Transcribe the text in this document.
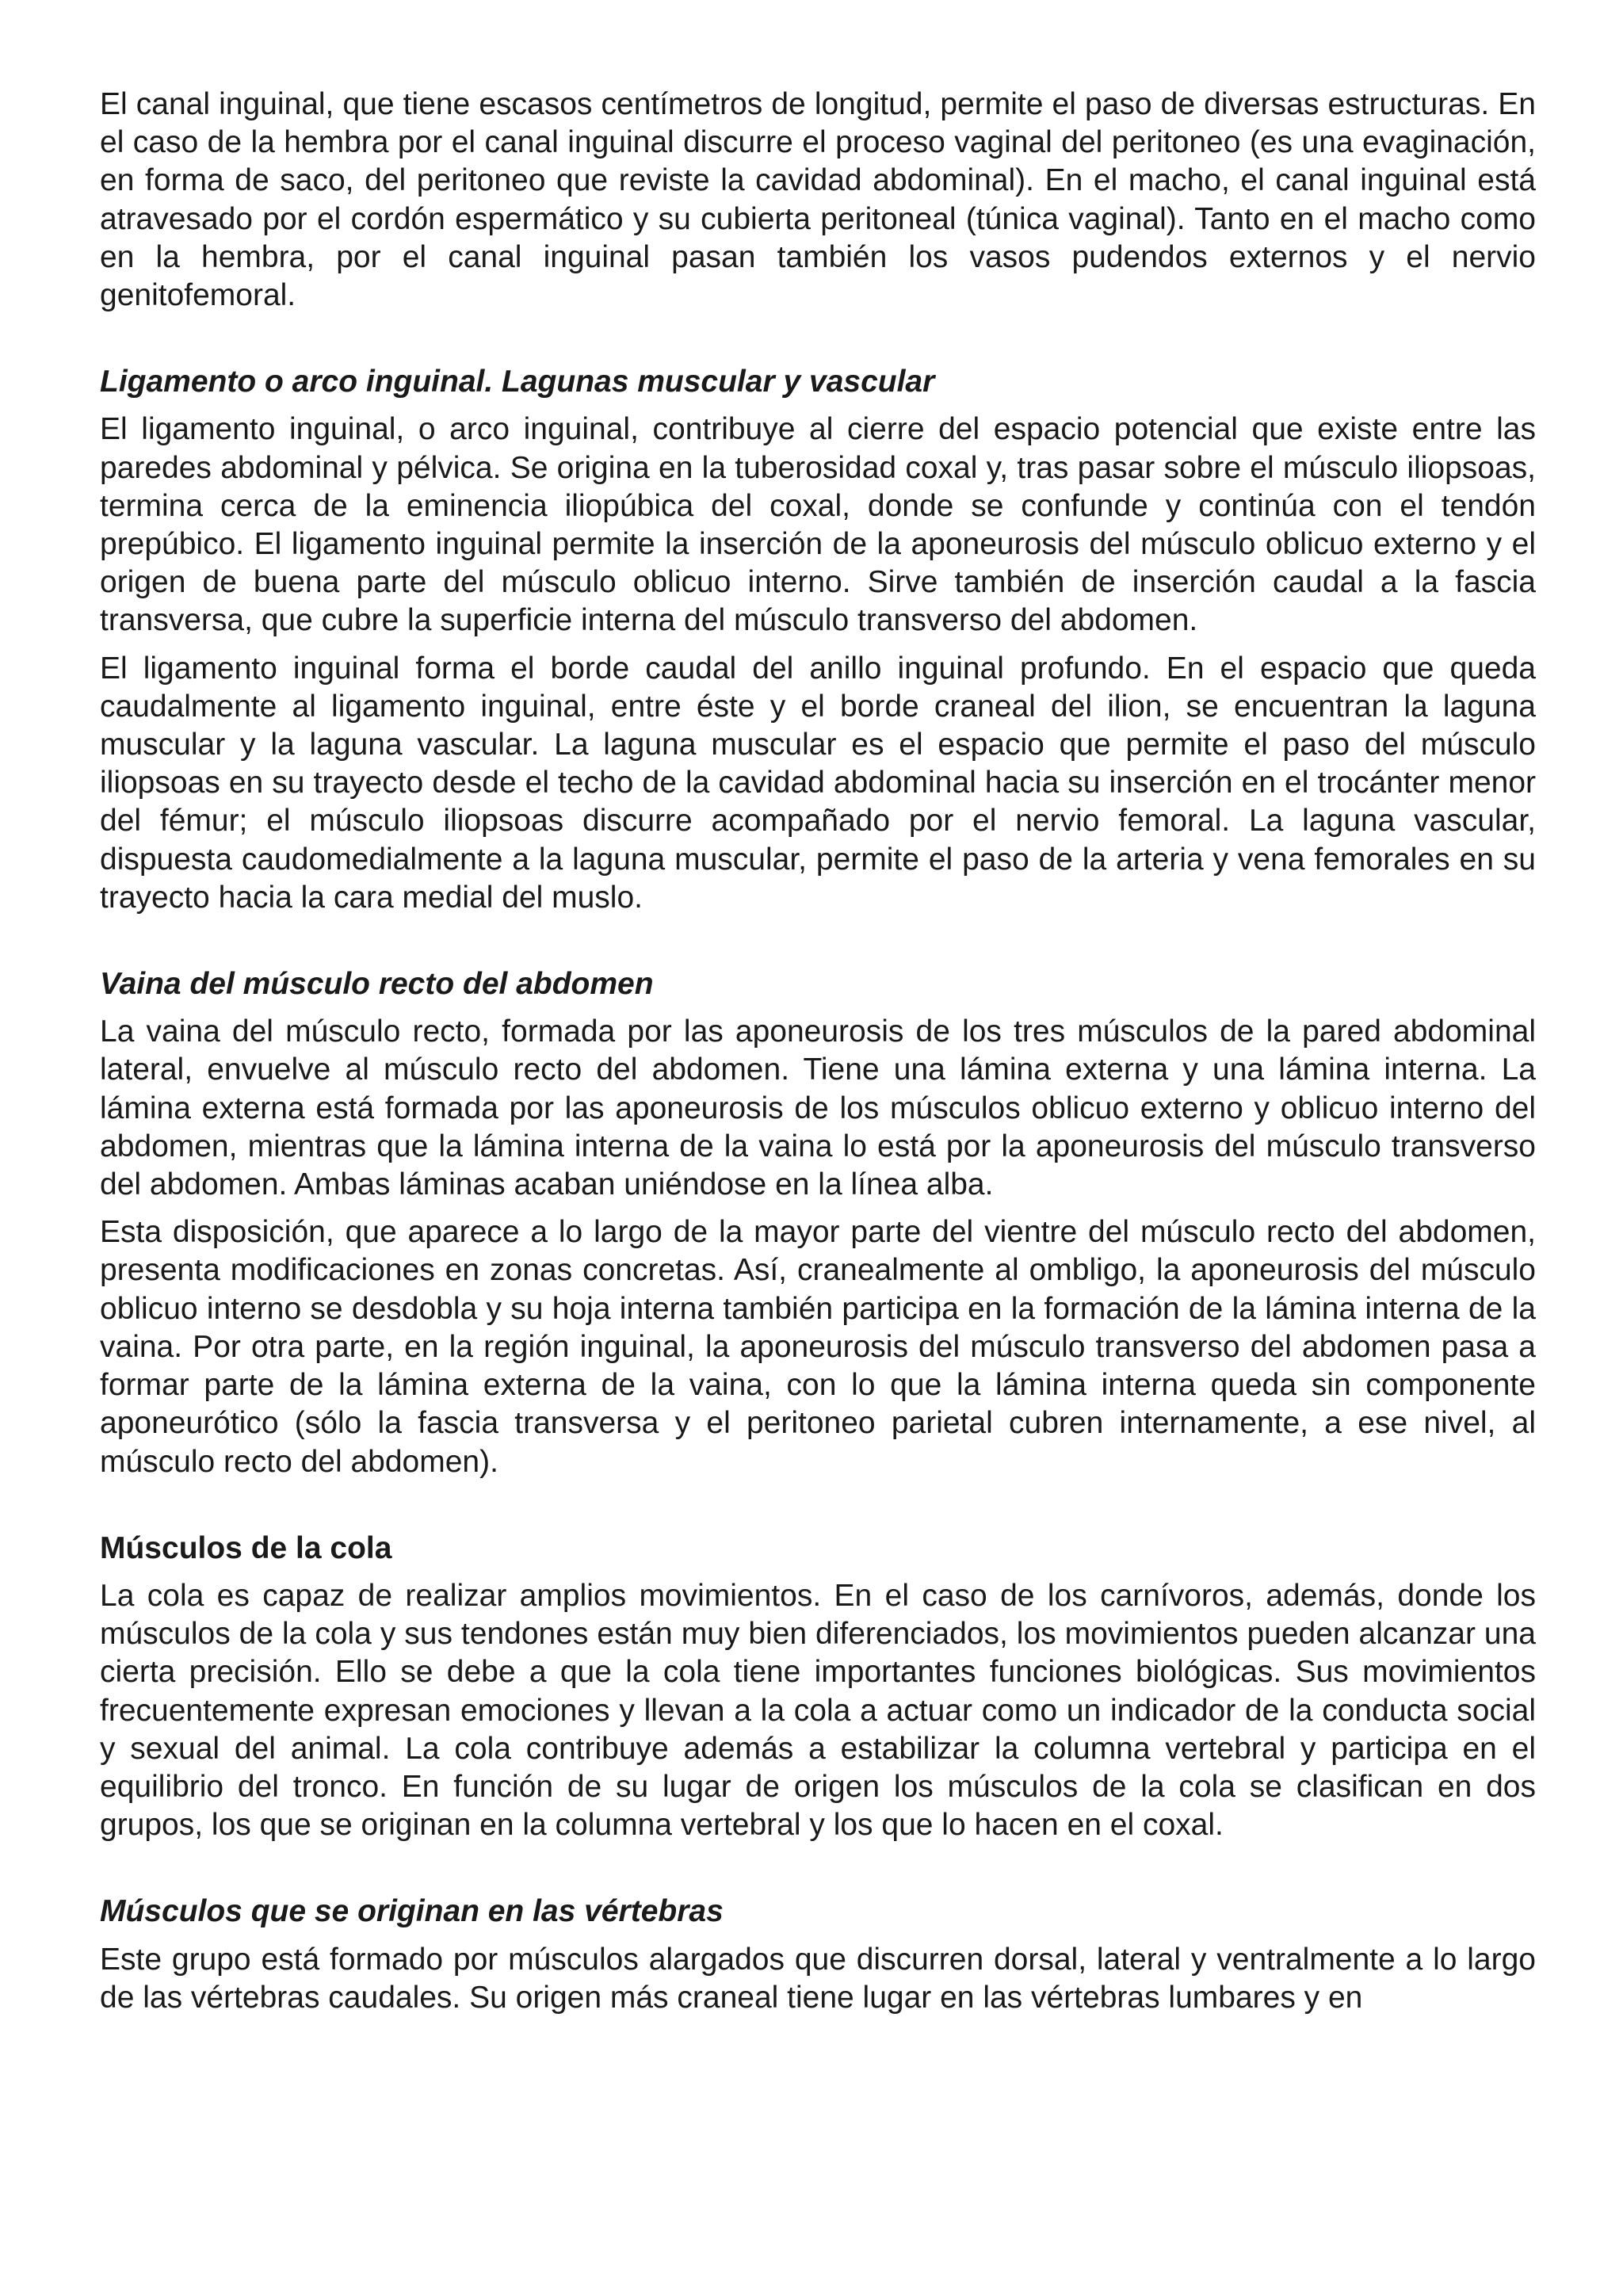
El canal inguinal, que tiene escasos centímetros de longitud, permite el paso de diversas estructuras. En el caso de la hembra por el canal inguinal discurre el proceso vaginal del peritoneo (es una evaginación, en forma de saco, del peritoneo que reviste la cavidad abdominal). En el macho, el canal inguinal está atravesado por el cordón espermático y su cubierta peritoneal (túnica vaginal). Tanto en el macho como en la hembra, por el canal inguinal pasan también los vasos pudendos externos y el nervio genitofemoral.

Ligamento o arco inguinal. Lagunas muscular y vascular

El ligamento inguinal, o arco inguinal, contribuye al cierre del espacio potencial que existe entre las paredes abdominal y pélvica. Se origina en la tuberosidad coxal y, tras pasar sobre el músculo iliopsoas, termina cerca de la eminencia iliopúbica del coxal, donde se confunde y continúa con el tendón prepúbico. El ligamento inguinal permite la inserción de la aponeurosis del músculo oblicuo externo y el origen de buena parte del músculo oblicuo interno. Sirve también de inserción caudal a la fascia transversa, que cubre la superficie interna del músculo transverso del abdomen.

El ligamento inguinal forma el borde caudal del anillo inguinal profundo. En el espacio que queda caudalmente al ligamento inguinal, entre éste y el borde craneal del ilion, se encuentran la laguna muscular y la laguna vascular. La laguna muscular es el espacio que permite el paso del músculo iliopsoas en su trayecto desde el techo de la cavidad abdominal hacia su inserción en el trocánter menor del fémur; el músculo iliopsoas discurre acompañado por el nervio femoral. La laguna vascular, dispuesta caudomedialmente a la laguna muscular, permite el paso de la arteria y vena femorales en su trayecto hacia la cara medial del muslo.

Vaina del músculo recto del abdomen

La vaina del músculo recto, formada por las aponeurosis de los tres músculos de la pared abdominal lateral, envuelve al músculo recto del abdomen. Tiene una lámina externa y una lámina interna. La lámina externa está formada por las aponeurosis de los músculos oblicuo externo y oblicuo interno del abdomen, mientras que la lámina interna de la vaina lo está por la aponeurosis del músculo transverso del abdomen. Ambas láminas acaban uniéndose en la línea alba.

Esta disposición, que aparece a lo largo de la mayor parte del vientre del músculo recto del abdomen, presenta modificaciones en zonas concretas. Así, cranealmente al ombligo, la aponeurosis del músculo oblicuo interno se desdobla y su hoja interna también participa en la formación de la lámina interna de la vaina. Por otra parte, en la región inguinal, la aponeurosis del músculo transverso del abdomen pasa a formar parte de la lámina externa de la vaina, con lo que la lámina interna queda sin componente aponeurótico (sólo la fascia transversa y el peritoneo parietal cubren internamente, a ese nivel, al músculo recto del abdomen).

Músculos de la cola

La cola es capaz de realizar amplios movimientos. En el caso de los carnívoros, además, donde los músculos de la cola y sus tendones están muy bien diferenciados, los movimientos pueden alcanzar una cierta precisión. Ello se debe a que la cola tiene importantes funciones biológicas. Sus movimientos frecuentemente expresan emociones y llevan a la cola a actuar como un indicador de la conducta social y sexual del animal. La cola contribuye además a estabilizar la columna vertebral y participa en el equilibrio del tronco. En función de su lugar de origen los músculos de la cola se clasifican en dos grupos, los que se originan en la columna vertebral y los que lo hacen en el coxal.

Músculos que se originan en las vértebras

Este grupo está formado por músculos alargados que discurren dorsal, lateral y ventralmente a lo largo de las vértebras caudales. Su origen más craneal tiene lugar en las vértebras lumbares y en
